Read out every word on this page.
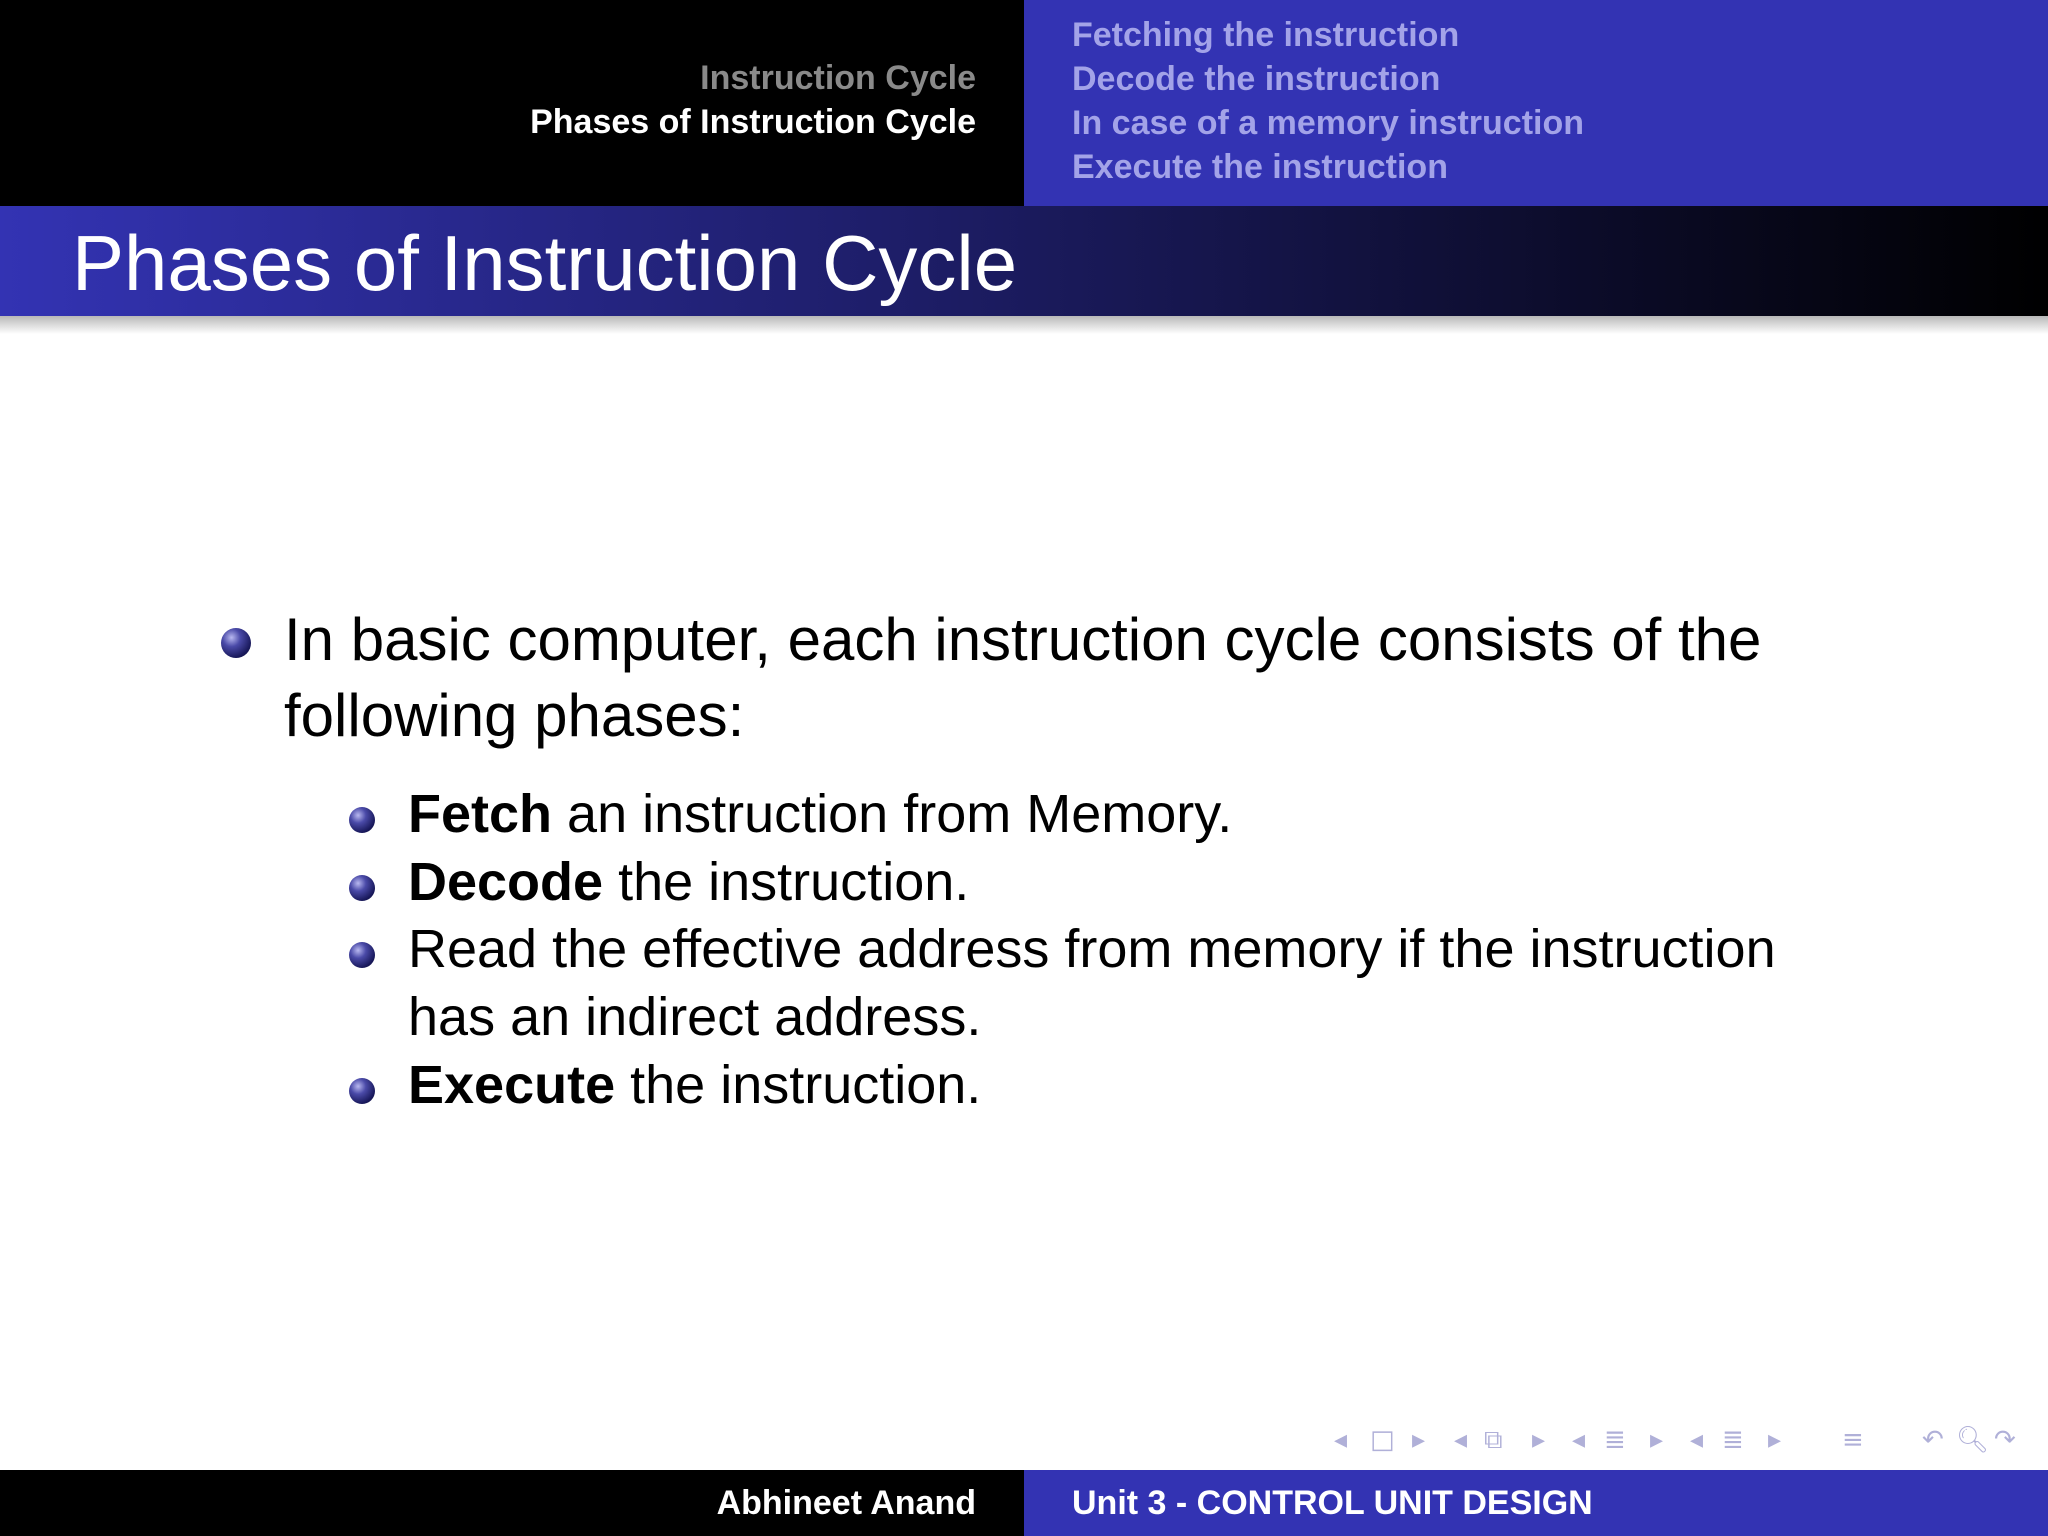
Instruction Cycle
Phases of Instruction Cycle
Fetching the instruction
Decode the instruction
In case of a memory instruction
Execute the instruction
Phases of Instruction Cycle
In basic computer, each instruction cycle consists of the
following phases:
Fetch an instruction from Memory.
Decode the instruction.
Read the effective address from memory if the instruction
has an indirect address.
Execute the instruction.
◂ □ ▸ ◂ ⧉ ▸ ◂ ≣ ▸ ◂ ≣ ▸ ≡ ↶ 🔍︎ ↷
Abhineet Anand	Unit 3 - CONTROL UNIT DESIGN
